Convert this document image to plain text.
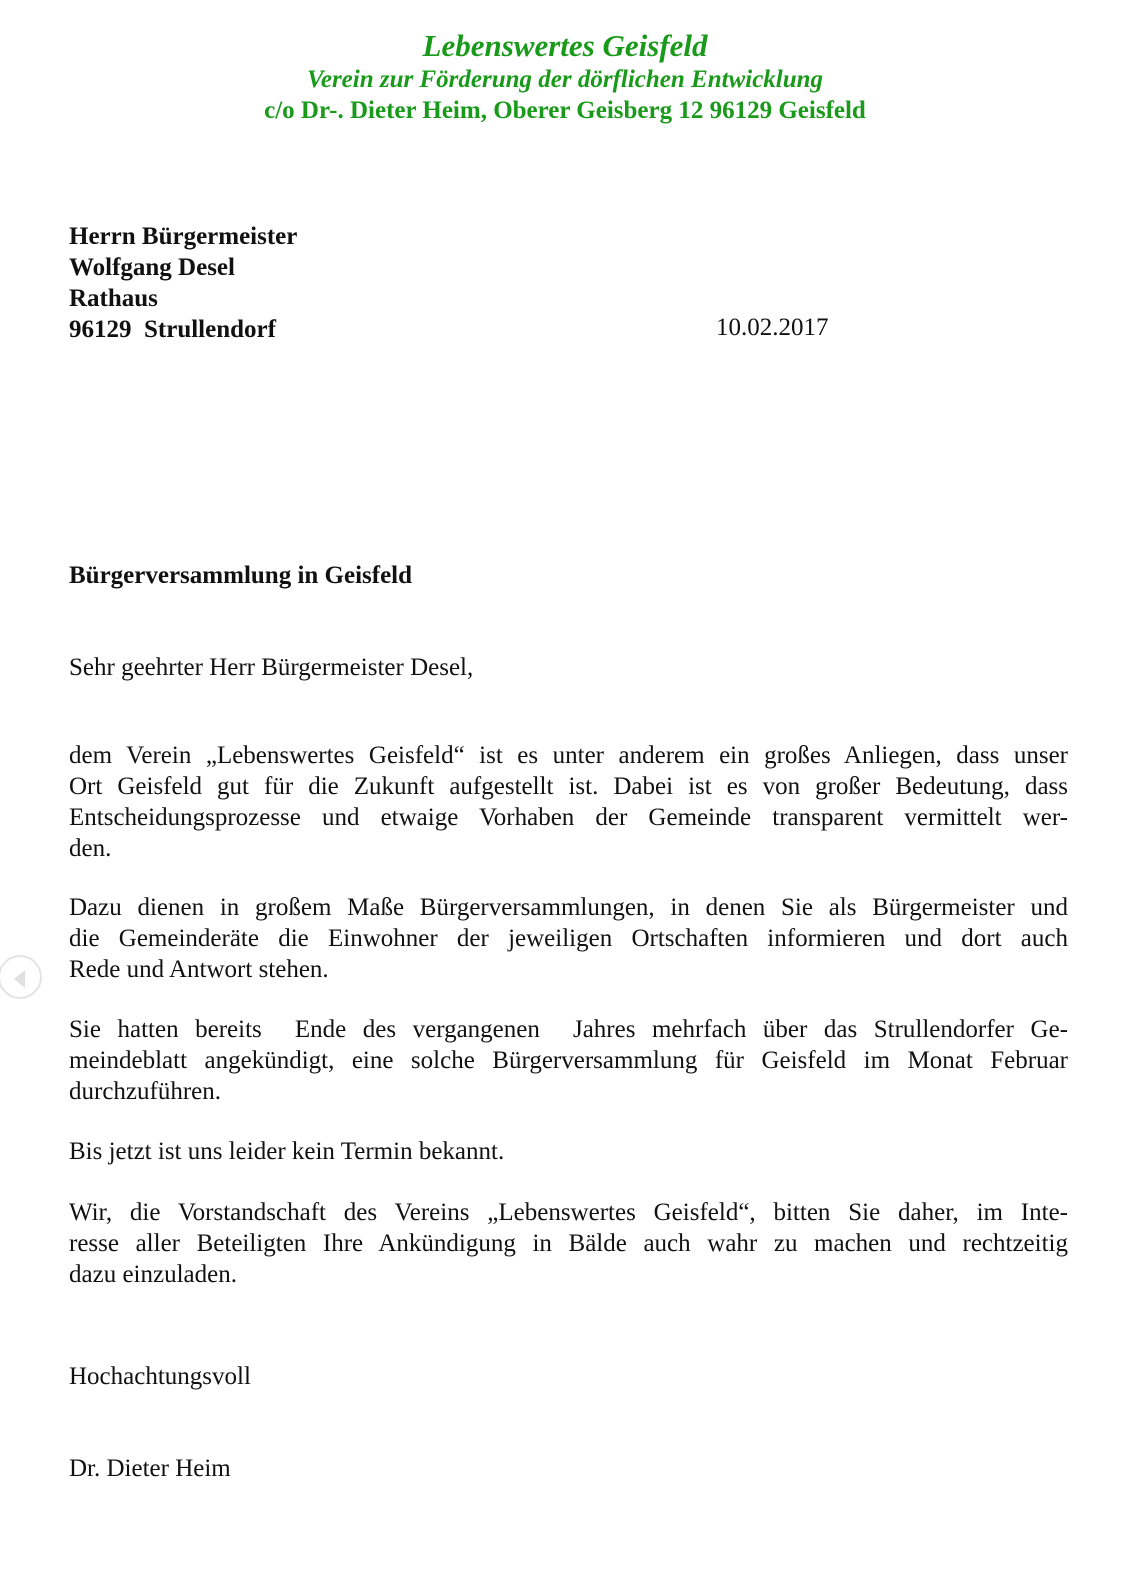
Lebenswertes Geisfeld
Verein zur Förderung der dörflichen Entwicklung
c/o Dr-. Dieter Heim, Oberer Geisberg 12 96129 Geisfeld
Herrn Bürgermeister
Wolfgang Desel
Rathaus
96129  Strullendorf	10.02.2017
Bürgerversammlung in Geisfeld
Sehr geehrter Herr Bürgermeister Desel,
dem Verein „Lebenswertes Geisfeld“ ist es unter anderem ein großes Anliegen, dass unser
Ort Geisfeld gut für die Zukunft aufgestellt ist. Dabei ist es von großer Bedeutung, dass
Entscheidungsprozesse und etwaige Vorhaben der Gemeinde transparent vermittelt wer-
den.
Dazu dienen in großem Maße Bürgerversammlungen, in denen Sie als Bürgermeister und
die Gemeinderäte die Einwohner der jeweiligen Ortschaften informieren und dort auch
Rede und Antwort stehen.
Sie hatten bereits  Ende des vergangenen  Jahres mehrfach über das Strullendorfer Ge-
meindeblatt angekündigt, eine solche Bürgerversammlung für Geisfeld im Monat Februar
durchzuführen.
Bis jetzt ist uns leider kein Termin bekannt.
Wir, die Vorstandschaft des Vereins „Lebenswertes Geisfeld“, bitten Sie daher, im Inte-
resse aller Beteiligten Ihre Ankündigung in Bälde auch wahr zu machen und rechtzeitig
dazu einzuladen.
Hochachtungsvoll
Dr. Dieter Heim
